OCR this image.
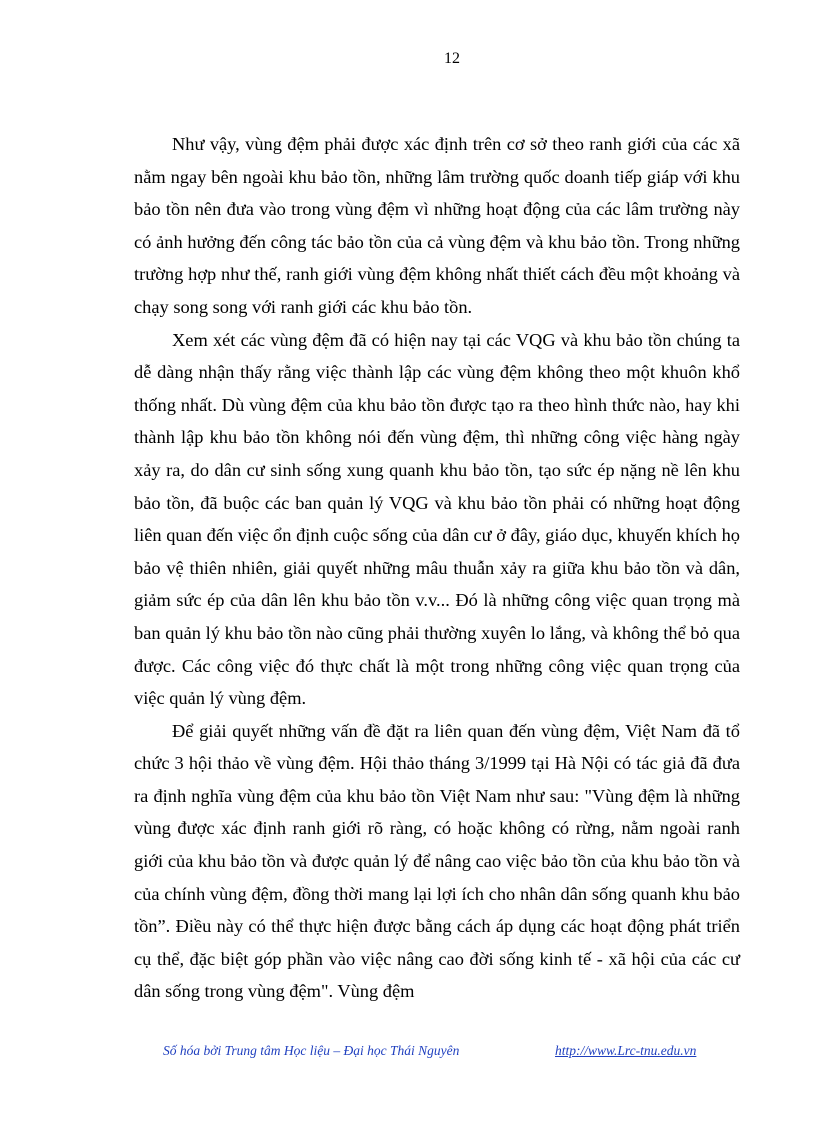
12

Như vậy, vùng đệm phải được xác định trên cơ sở theo ranh giới của các xã nằm ngay bên ngoài khu bảo tồn, những lâm trường quốc doanh tiếp giáp với khu bảo tồn nên đưa vào trong vùng đệm vì những hoạt động của các lâm trường này có ảnh hưởng đến công tác bảo tồn của cả vùng đệm và khu bảo tồn. Trong những trường hợp như thế, ranh giới vùng đệm không nhất thiết cách đều một khoảng và chạy song song với ranh giới các khu bảo tồn.

Xem xét các vùng đệm đã có hiện nay tại các VQG và khu bảo tồn chúng ta dễ dàng nhận thấy rằng việc thành lập các vùng đệm không theo một khuôn khổ thống nhất. Dù vùng đệm của khu bảo tồn được tạo ra theo hình thức nào, hay khi thành lập khu bảo tồn không nói đến vùng đệm, thì những công việc hàng ngày xảy ra, do dân cư sinh sống xung quanh khu bảo tồn, tạo sức ép nặng nề lên khu bảo tồn, đã buộc các ban quản lý VQG và khu bảo tồn phải có những hoạt động liên quan đến việc ổn định cuộc sống của dân cư ở đây, giáo dục, khuyến khích họ bảo vệ thiên nhiên, giải quyết những mâu thuẫn xảy ra giữa khu bảo tồn và dân, giảm sức ép của dân lên khu bảo tồn v.v... Đó là những công việc quan trọng mà ban quản lý khu bảo tồn nào cũng phải thường xuyên lo lắng, và không thể bỏ qua được. Các công việc đó thực chất là một trong những công việc quan trọng của việc quản lý vùng đệm.

Để giải quyết những vấn đề đặt ra liên quan đến vùng đệm, Việt Nam đã tổ chức 3 hội thảo về vùng đệm. Hội thảo tháng 3/1999 tại Hà Nội có tác giả đã đưa ra định nghĩa vùng đệm của khu bảo tồn Việt Nam như sau: "Vùng đệm là những vùng được xác định ranh giới rõ ràng, có hoặc không có rừng, nằm ngoài ranh giới của khu bảo tồn và được quản lý để nâng cao việc bảo tồn của khu bảo tồn và của chính vùng đệm, đồng thời mang lại lợi ích cho nhân dân sống quanh khu bảo tồn”. Điều này có thể thực hiện được bằng cách áp dụng các hoạt động phát triển cụ thể, đặc biệt góp phần vào việc nâng cao đời sống kinh tế - xã hội của các cư dân sống trong vùng đệm". Vùng đệm

Số hóa bởi Trung tâm Học liệu – Đại học Thái Nguyên	http://www.Lrc-tnu.edu.vn
